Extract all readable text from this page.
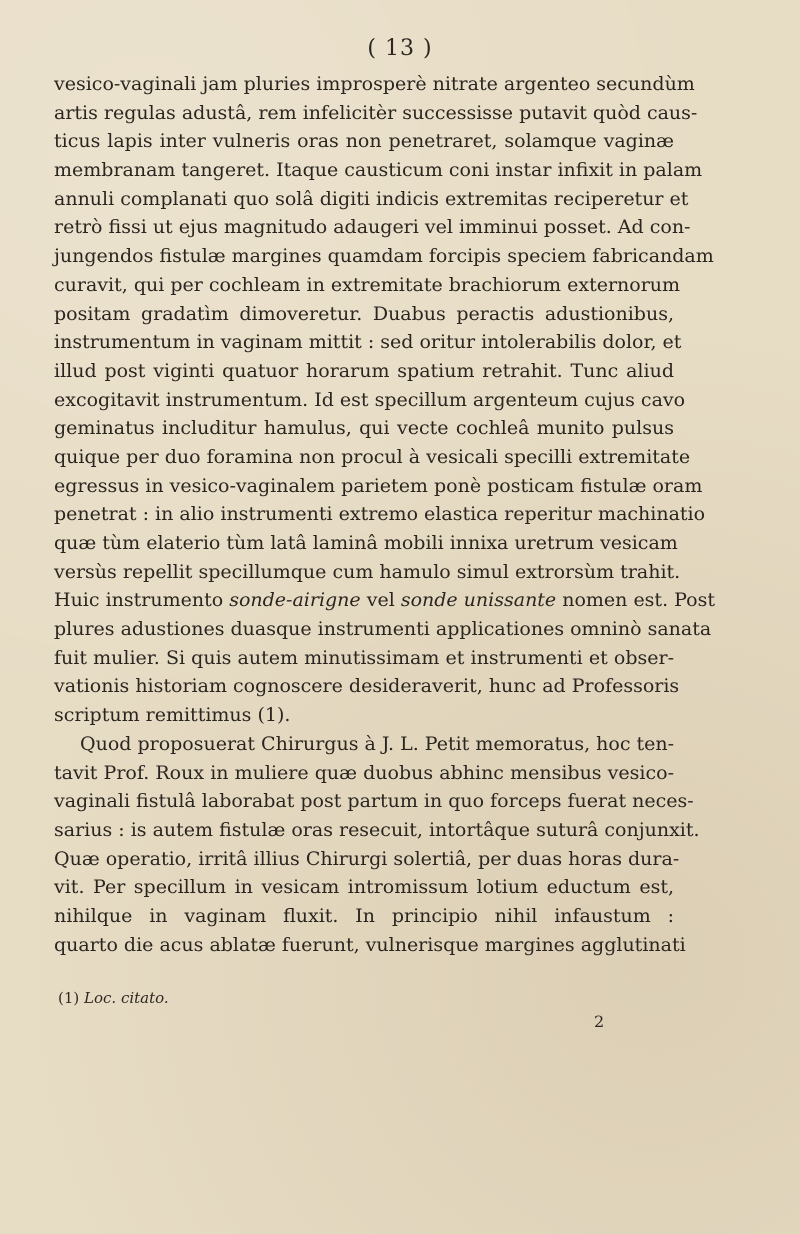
( 13 )
vesico-vaginali jam pluries improsperè nitrate argenteo secundùm
artis regulas adustâ, rem infelicitèr successisse putavit quòd caus-
ticus lapis inter vulneris oras non penetraret, solamque vaginæ
membranam tangeret. Itaque causticum coni instar infixit in palam
annuli complanati quo solâ digiti indicis extremitas reciperetur et
retrò fissi ut ejus magnitudo adaugeri vel imminui posset. Ad con-
jungendos fistulæ margines quamdam forcipis speciem fabricandam
curavit, qui per cochleam in extremitate brachiorum externorum
positam gradatìm dimoveretur. Duabus peractis adustionibus,
instrumentum in vaginam mittit : sed oritur intolerabilis dolor, et
illud post viginti quatuor horarum spatium retrahit. Tunc aliud
excogitavit instrumentum. Id est specillum argenteum cujus cavo
geminatus includitur hamulus, qui vecte cochleâ munito pulsus
quique per duo foramina non procul à vesicali specilli extremitate
egressus in vesico-vaginalem parietem ponè posticam fistulæ oram
penetrat : in alio instrumenti extremo elastica reperitur machinatio
quæ tùm elaterio tùm latâ laminâ mobili innixa uretrum vesicam
versùs repellit specillumque cum hamulo simul extrorsùm trahit.
Huic instrumento sonde-airigne vel sonde unissante nomen est. Post
plures adustiones duasque instrumenti applicationes omninò sanata
fuit mulier. Si quis autem minutissimam et instrumenti et obser-
vationis historiam cognoscere desideraverit, hunc ad Professoris
scriptum remittimus (1).
Quod proposuerat Chirurgus à J. L. Petit memoratus, hoc ten-
tavit Prof. Roux in muliere quæ duobus abhinc mensibus vesico-
vaginali fistulâ laborabat post partum in quo forceps fuerat neces-
sarius : is autem fistulæ oras resecuit, intortâque suturâ conjunxit.
Quæ operatio, irritâ illius Chirurgi solertiâ, per duas horas dura-
vit. Per specillum in vesicam intromissum lotium eductum est,
nihilque in vaginam fluxit. In principio nihil infaustum :
quarto die acus ablatæ fuerunt, vulnerisque margines agglutinati
(1) Loc. citato.
2
